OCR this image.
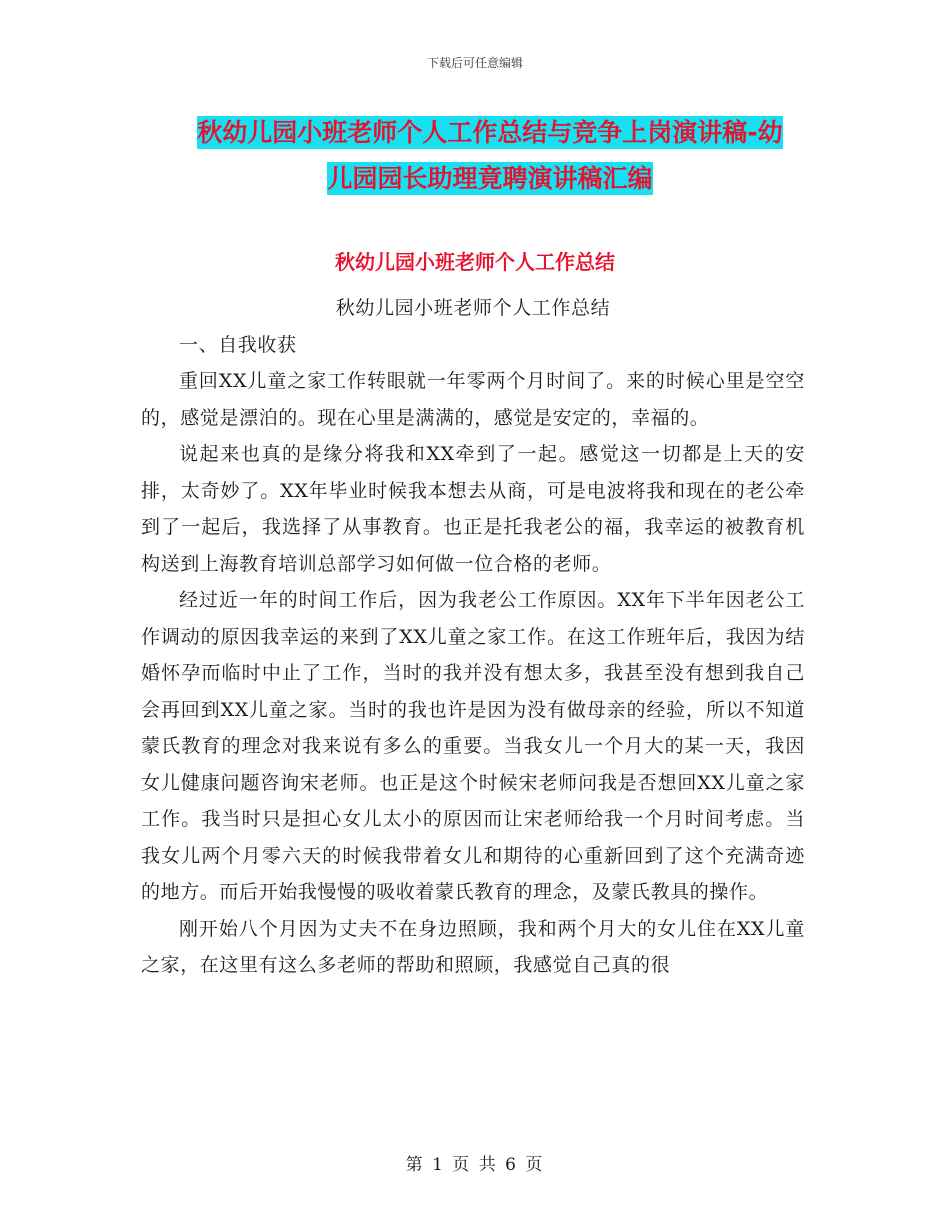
下载后可任意编辑
秋幼儿园小班老师个人工作总结与竞争上岗演讲稿-幼
儿园园长助理竟聘演讲稿汇编
秋幼儿园小班老师个人工作总结

秋幼儿园小班老师个人工作总结

一、自我收获

重回XX儿童之家工作转眼就一年零两个月时间了。来的时候心里是空空的，感觉是漂泊的。现在心里是满满的，感觉是安定的，幸福的。

说起来也真的是缘分将我和XX牵到了一起。感觉这一切都是上天的安排，太奇妙了。XX年毕业时候我本想去从商，可是电波将我和现在的老公牵到了一起后，我选择了从事教育。也正是托我老公的福，我幸运的被教育机构送到上海教育培训总部学习如何做一位合格的老师。

经过近一年的时间工作后，因为我老公工作原因。XX年下半年因老公工作调动的原因我幸运的来到了XX儿童之家工作。在这工作班年后，我因为结婚怀孕而临时中止了工作，当时的我并没有想太多，我甚至没有想到我自己会再回到XX儿童之家。当时的我也许是因为没有做母亲的经验，所以不知道蒙氏教育的理念对我来说有多么的重要。当我女儿一个月大的某一天，我因女儿健康问题咨询宋老师。也正是这个时候宋老师问我是否想回XX儿童之家工作。我当时只是担心女儿太小的原因而让宋老师给我一个月时间考虑。当我女儿两个月零六天的时候我带着女儿和期待的心重新回到了这个充满奇迹的地方。而后开始我慢慢的吸收着蒙氏教育的理念，及蒙氏教具的操作。

刚开始八个月因为丈夫不在身边照顾，我和两个月大的女儿住在XX儿童之家，在这里有这么多老师的帮助和照顾，我感觉自己真的很

第 1 页 共 6 页
